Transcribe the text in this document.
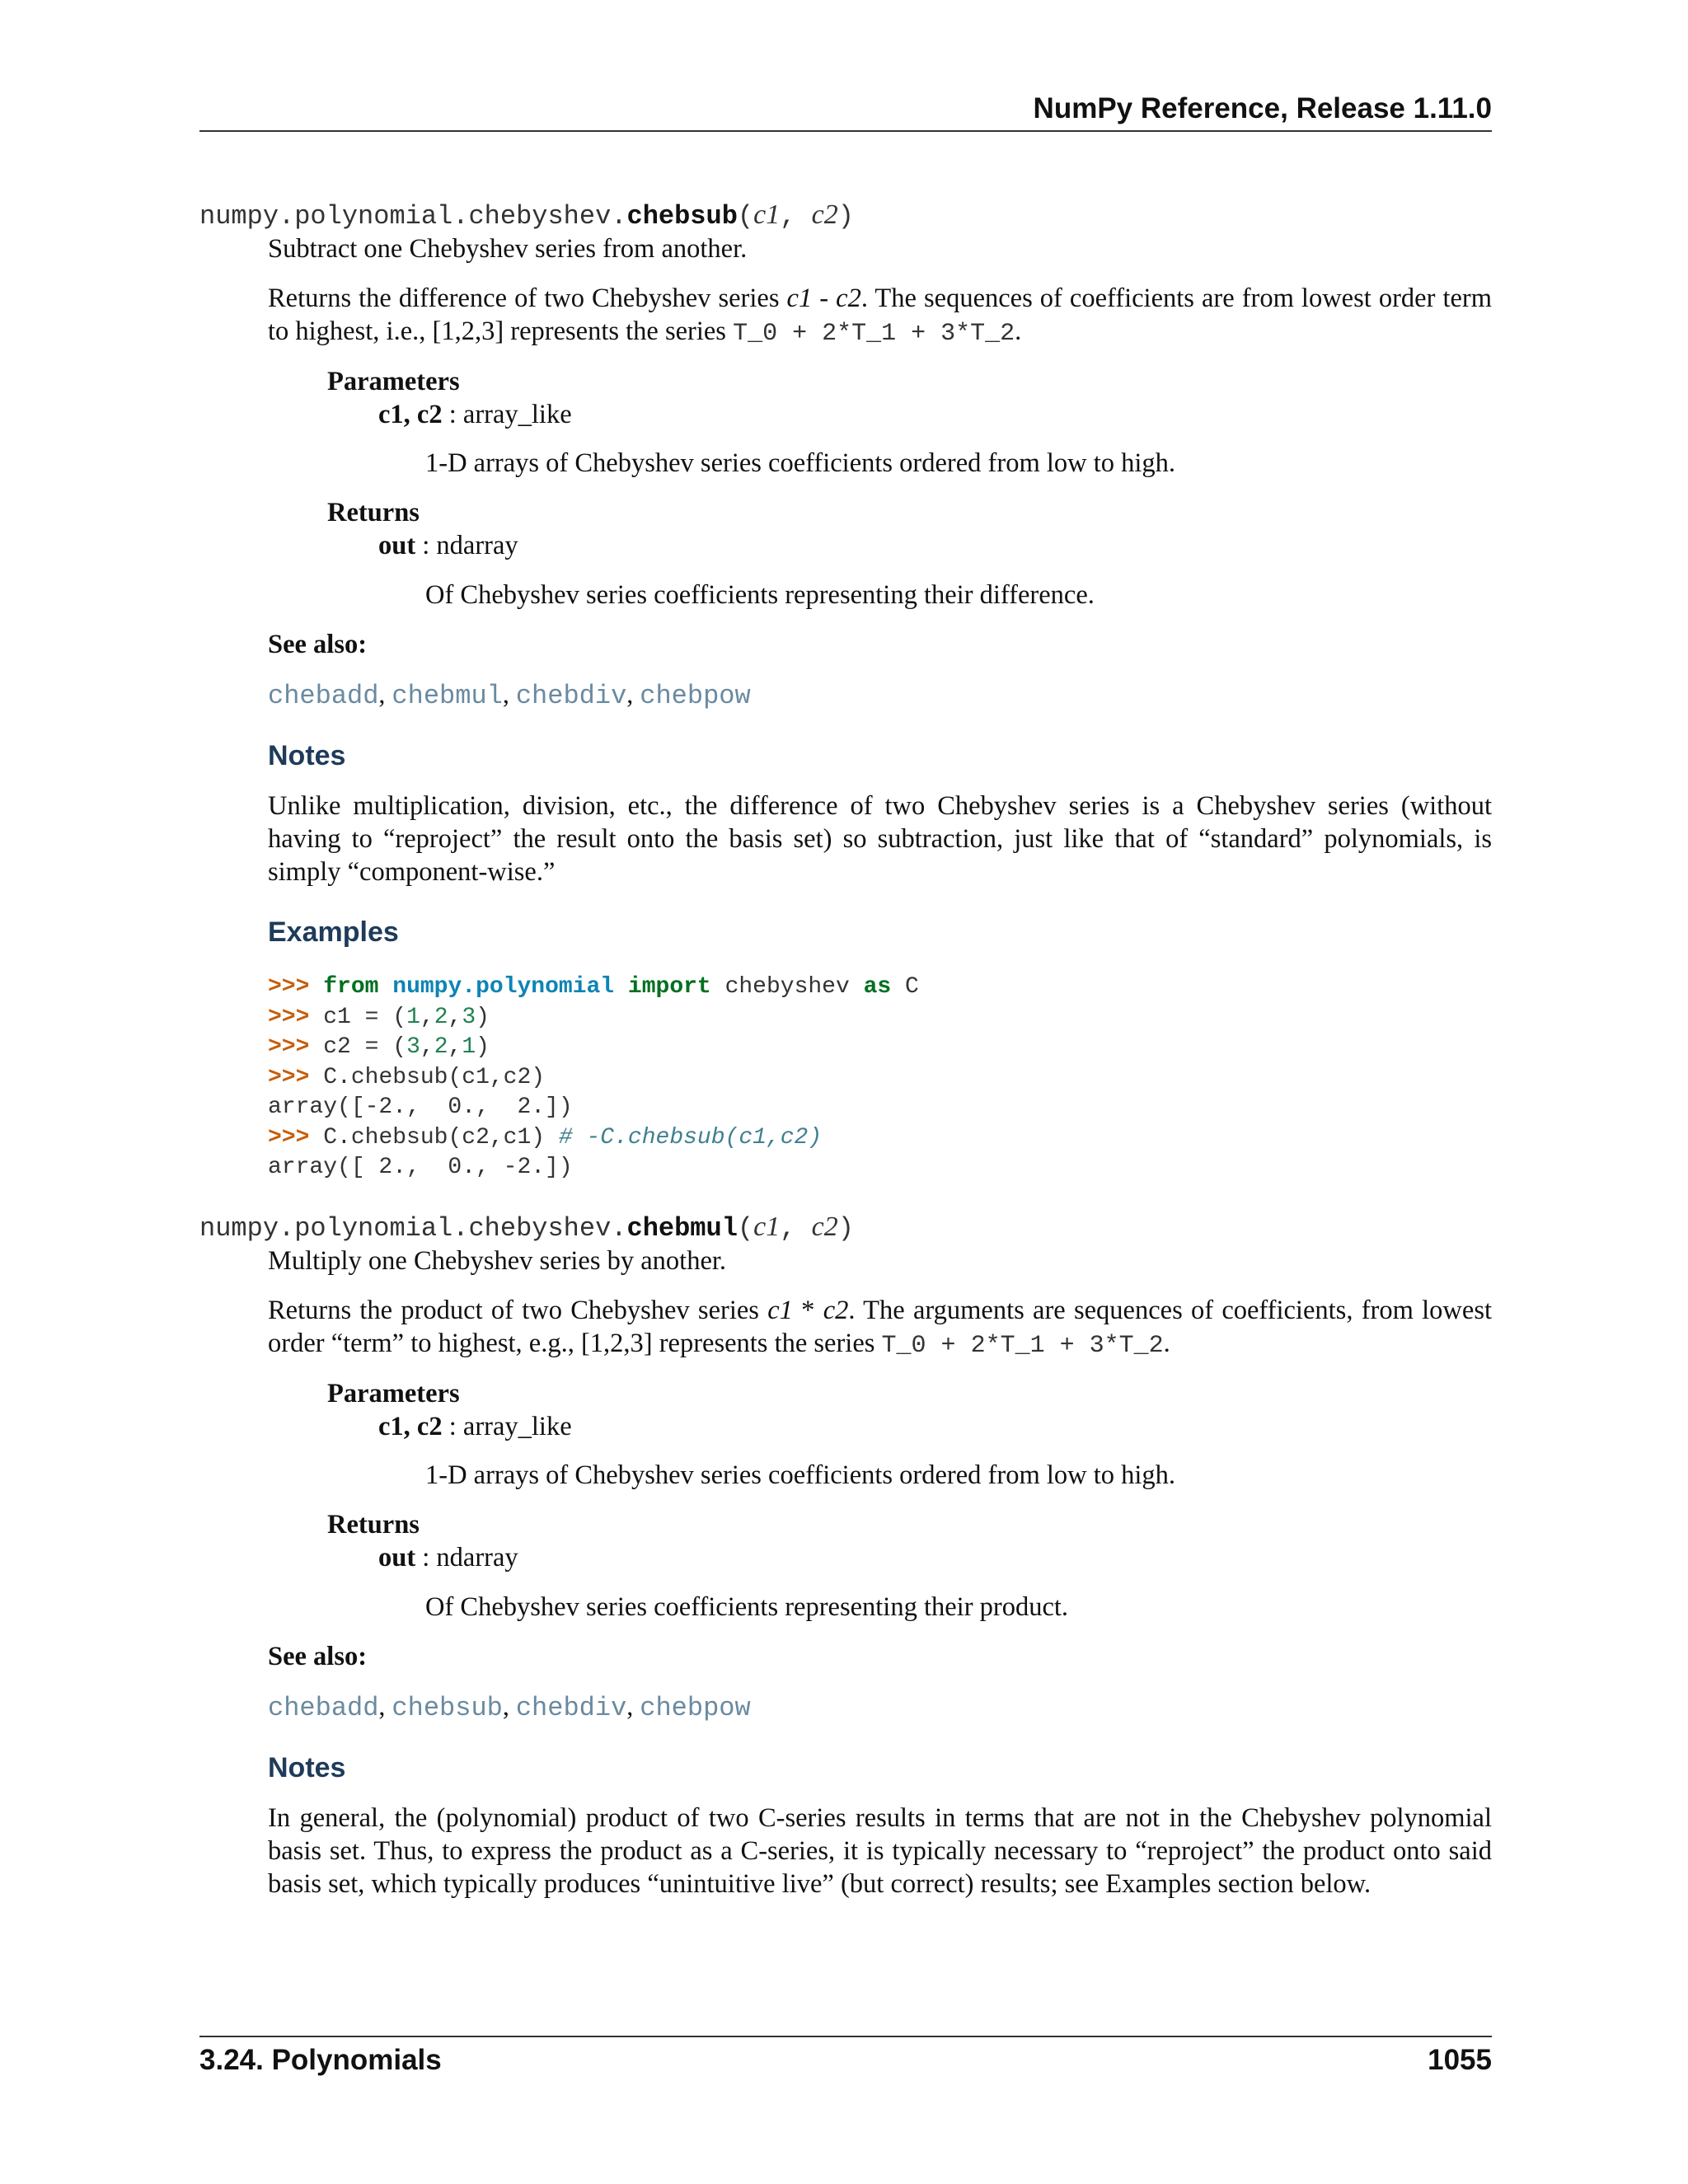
NumPy Reference, Release 1.11.0
numpy.polynomial.chebyshev.chebsub(c1, c2)
Subtract one Chebyshev series from another.
Returns the difference of two Chebyshev series c1 - c2. The sequences of coefficients are from lowest order term to highest, i.e., [1,2,3] represents the series T_0 + 2*T_1 + 3*T_2.
Parameters
c1, c2 : array_like
1-D arrays of Chebyshev series coefficients ordered from low to high.
Returns
out : ndarray
Of Chebyshev series coefficients representing their difference.
See also:
chebadd, chebmul, chebdiv, chebpow
Notes
Unlike multiplication, division, etc., the difference of two Chebyshev series is a Chebyshev series (without having to “reproject” the result onto the basis set) so subtraction, just like that of “standard” polynomials, is simply “component-wise.”
Examples
>>> from numpy.polynomial import chebyshev as C
>>> c1 = (1,2,3)
>>> c2 = (3,2,1)
>>> C.chebsub(c1,c2)
array([-2.,  0.,  2.])
>>> C.chebsub(c2,c1) # -C.chebsub(c1,c2)
array([ 2.,  0., -2.])
numpy.polynomial.chebyshev.chebmul(c1, c2)
Multiply one Chebyshev series by another.
Returns the product of two Chebyshev series c1 * c2. The arguments are sequences of coefficients, from lowest order “term” to highest, e.g., [1,2,3] represents the series T_0 + 2*T_1 + 3*T_2.
Parameters
c1, c2 : array_like
1-D arrays of Chebyshev series coefficients ordered from low to high.
Returns
out : ndarray
Of Chebyshev series coefficients representing their product.
See also:
chebadd, chebsub, chebdiv, chebpow
Notes
In general, the (polynomial) product of two C-series results in terms that are not in the Chebyshev polynomial basis set. Thus, to express the product as a C-series, it is typically necessary to “reproject” the product onto said basis set, which typically produces “unintuitive live” (but correct) results; see Examples section below.
3.24. Polynomials	1055
